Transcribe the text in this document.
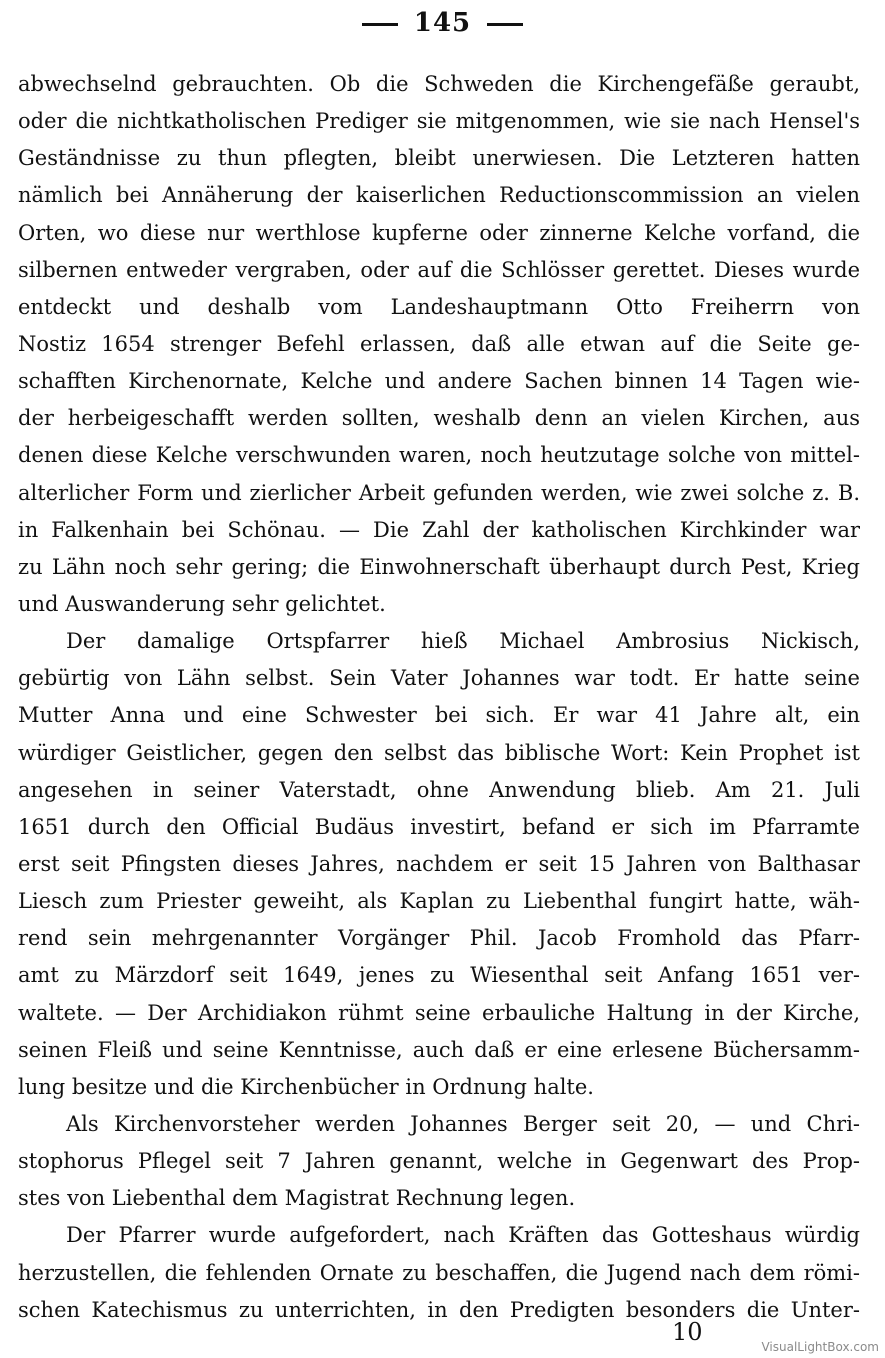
145
abwechselnd gebrauchten. Ob die Schweden die Kirchengefäße geraubt,
oder die nichtkatholischen Prediger sie mitgenommen, wie sie nach Hensel's
Geständnisse zu thun pflegten, bleibt unerwiesen. Die Letzteren hatten
nämlich bei Annäherung der kaiserlichen Reductionscommission an vielen
Orten, wo diese nur werthlose kupferne oder zinnerne Kelche vorfand, die
silbernen entweder vergraben, oder auf die Schlösser gerettet. Dieses wurde
entdeckt und deshalb vom Landeshauptmann Otto Freiherrn von
Nostiz 1654 strenger Befehl erlassen, daß alle etwan auf die Seite ge-
schafften Kirchenornate, Kelche und andere Sachen binnen 14 Tagen wie-
der herbeigeschafft werden sollten, weshalb denn an vielen Kirchen, aus
denen diese Kelche verschwunden waren, noch heutzutage solche von mittel-
alterlicher Form und zierlicher Arbeit gefunden werden, wie zwei solche z. B.
in Falkenhain bei Schönau. — Die Zahl der katholischen Kirchkinder war
zu Lähn noch sehr gering; die Einwohnerschaft überhaupt durch Pest, Krieg
und Auswanderung sehr gelichtet.
Der damalige Ortspfarrer hieß Michael Ambrosius Nickisch,
gebürtig von Lähn selbst. Sein Vater Johannes war todt. Er hatte seine
Mutter Anna und eine Schwester bei sich. Er war 41 Jahre alt, ein
würdiger Geistlicher, gegen den selbst das biblische Wort: Kein Prophet ist
angesehen in seiner Vaterstadt, ohne Anwendung blieb. Am 21. Juli
1651 durch den Official Budäus investirt, befand er sich im Pfarramte
erst seit Pfingsten dieses Jahres, nachdem er seit 15 Jahren von Balthasar
Liesch zum Priester geweiht, als Kaplan zu Liebenthal fungirt hatte, wäh-
rend sein mehrgenannter Vorgänger Phil. Jacob Fromhold das Pfarr-
amt zu Märzdorf seit 1649, jenes zu Wiesenthal seit Anfang 1651 ver-
waltete. — Der Archidiakon rühmt seine erbauliche Haltung in der Kirche,
seinen Fleiß und seine Kenntnisse, auch daß er eine erlesene Büchersamm-
lung besitze und die Kirchenbücher in Ordnung halte.
Als Kirchenvorsteher werden Johannes Berger seit 20, — und Chri-
stophorus Pflegel seit 7 Jahren genannt, welche in Gegenwart des Prop-
stes von Liebenthal dem Magistrat Rechnung legen.
Der Pfarrer wurde aufgefordert, nach Kräften das Gotteshaus würdig
herzustellen, die fehlenden Ornate zu beschaffen, die Jugend nach dem römi-
schen Katechismus zu unterrichten, in den Predigten besonders die Unter-
10
VisualLightBox.com
